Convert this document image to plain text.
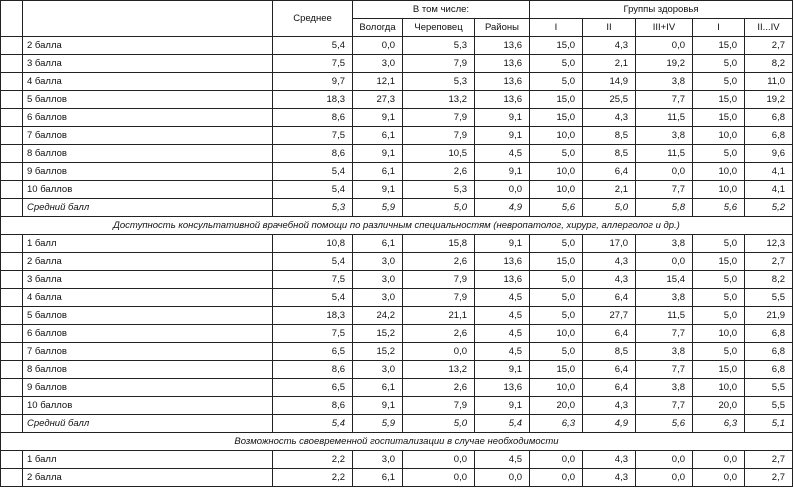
		Среднее	В том числе:			Группы здоровья				
			Вологда	Череповец	Районы	I	II	III+IV	I	II...IV
	2 балла	5,4	0,0	5,3	13,6	15,0	4,3	0,0	15,0	2,7
	3 балла	7,5	3,0	7,9	13,6	5,0	2,1	19,2	5,0	8,2
	4 балла	9,7	12,1	5,3	13,6	5,0	14,9	3,8	5,0	11,0
	5 баллов	18,3	27,3	13,2	13,6	15,0	25,5	7,7	15,0	19,2
	6 баллов	8,6	9,1	7,9	9,1	15,0	4,3	11,5	15,0	6,8
	7 баллов	7,5	6,1	7,9	9,1	10,0	8,5	3,8	10,0	6,8
	8 баллов	8,6	9,1	10,5	4,5	5,0	8,5	11,5	5,0	9,6
	9 баллов	5,4	6,1	2,6	9,1	10,0	6,4	0,0	10,0	4,1
	10 баллов	5,4	9,1	5,3	0,0	10,0	2,1	7,7	10,0	4,1
	Средний балл	5,3	5,9	5,0	4,9	5,6	5,0	5,8	5,6	5,2
Доступность консультативной врачебной помощи по различным специальностям (невропатолог, хирург, аллерголог и др.)										
	1 балл	10,8	6,1	15,8	9,1	5,0	17,0	3,8	5,0	12,3
	2 балла	5,4	3,0	2,6	13,6	15,0	4,3	0,0	15,0	2,7
	3 балла	7,5	3,0	7,9	13,6	5,0	4,3	15,4	5,0	8,2
	4 балла	5,4	3,0	7,9	4,5	5,0	6,4	3,8	5,0	5,5
	5 баллов	18,3	24,2	21,1	4,5	5,0	27,7	11,5	5,0	21,9
	6 баллов	7,5	15,2	2,6	4,5	10,0	6,4	7,7	10,0	6,8
	7 баллов	6,5	15,2	0,0	4,5	5,0	8,5	3,8	5,0	6,8
	8 баллов	8,6	3,0	13,2	9,1	15,0	6,4	7,7	15,0	6,8
	9 баллов	6,5	6,1	2,6	13,6	10,0	6,4	3,8	10,0	5,5
	10 баллов	8,6	9,1	7,9	9,1	20,0	4,3	7,7	20,0	5,5
	Средний балл	5,4	5,9	5,0	5,4	6,3	4,9	5,6	6,3	5,1
Возможность своевременной госпитализации в случае необходимости										
	1 балл	2,2	3,0	0,0	4,5	0,0	4,3	0,0	0,0	2,7
	2 балла	2,2	6,1	0,0	0,0	0,0	4,3	0,0	0,0	2,7
